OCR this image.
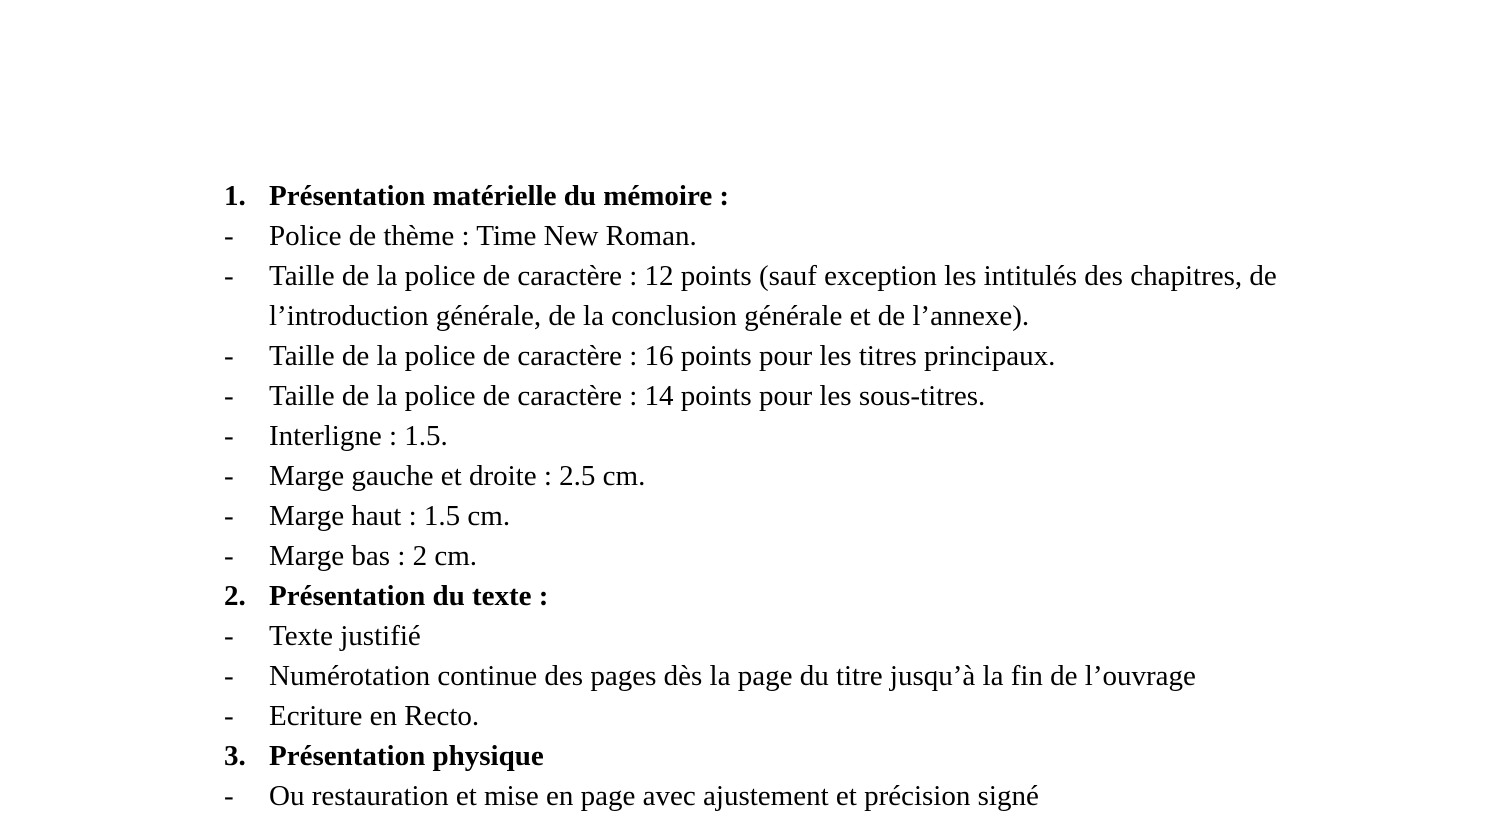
1. Présentation matérielle du mémoire :
-	Police de thème : Time New Roman.
-	Taille de la police de caractère : 12 points (sauf exception les intitulés des chapitres, de l’introduction générale, de la conclusion générale et de l’annexe).
-	Taille de la police de caractère : 16 points pour les titres principaux.
-	Taille de la police de caractère : 14 points pour les sous-titres.
-	Interligne : 1.5.
-	Marge gauche et droite : 2.5 cm.
-	Marge haut : 1.5 cm.
-	Marge bas : 2 cm.
2. Présentation du texte :
-	Texte justifié
-	Numérotation continue des pages dès la page du titre jusqu’à la fin de l’ouvrage
-	Ecriture en Recto.
3. Présentation physique
-	Ou restauration et mise en page avec ajustement et précision signé
